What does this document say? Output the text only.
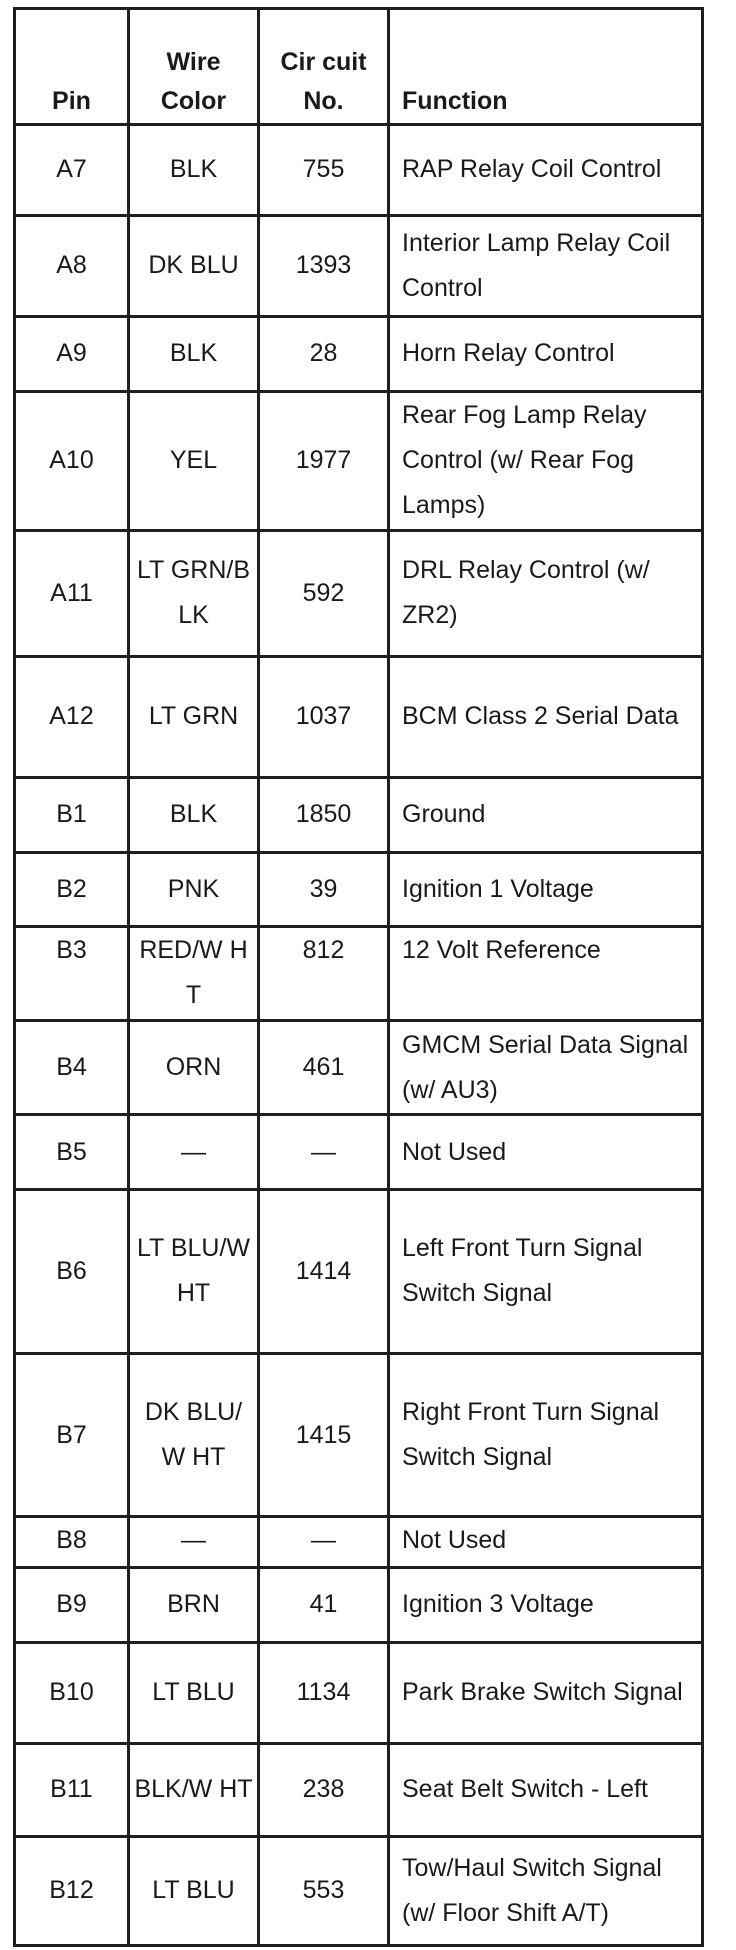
Pin	Wire Color	Cir cuit No.	Function
A7	BLK	755	RAP Relay Coil Control
A8	DK BLU	1393	Interior Lamp Relay Coil Control
A9	BLK	28	Horn Relay Control
A10	YEL	1977	Rear Fog Lamp Relay Control (w/ Rear Fog Lamps)
A11	LT GRN/B LK	592	DRL Relay Control (w/ ZR2)
A12	LT GRN	1037	BCM Class 2 Serial Data
B1	BLK	1850	Ground
B2	PNK	39	Ignition 1 Voltage
B3	RED/W HT	812	12 Volt Reference
B4	ORN	461	GMCM Serial Data Signal (w/ AU3)
B5	—	—	Not Used
B6	LT BLU/W HT	1414	Left Front Turn Signal Switch Signal
B7	DK BLU/W HT	1415	Right Front Turn Signal Switch Signal
B8	—	—	Not Used
B9	BRN	41	Ignition 3 Voltage
B10	LT BLU	1134	Park Brake Switch Signal
B11	BLK/W HT	238	Seat Belt Switch - Left
B12	LT BLU	553	Tow/Haul Switch Signal (w/ Floor Shift A/T)
